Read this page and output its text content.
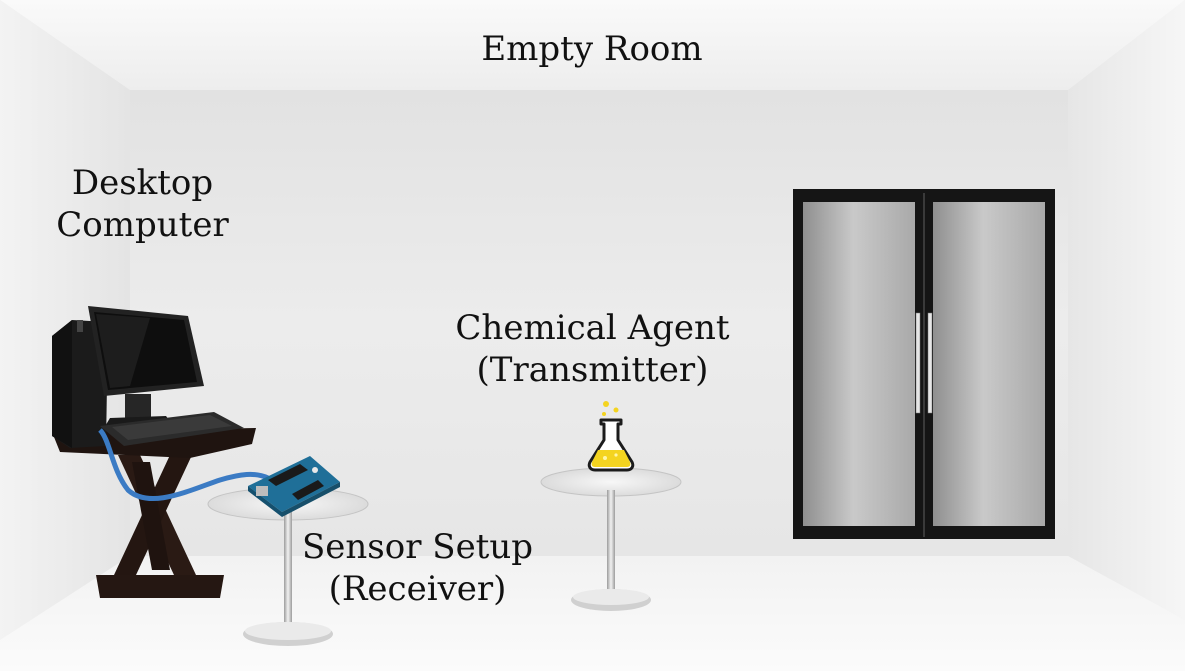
Empty Room
Desktop
Computer
Chemical Agent
(Transmitter)
Sensor Setup
(Receiver)
